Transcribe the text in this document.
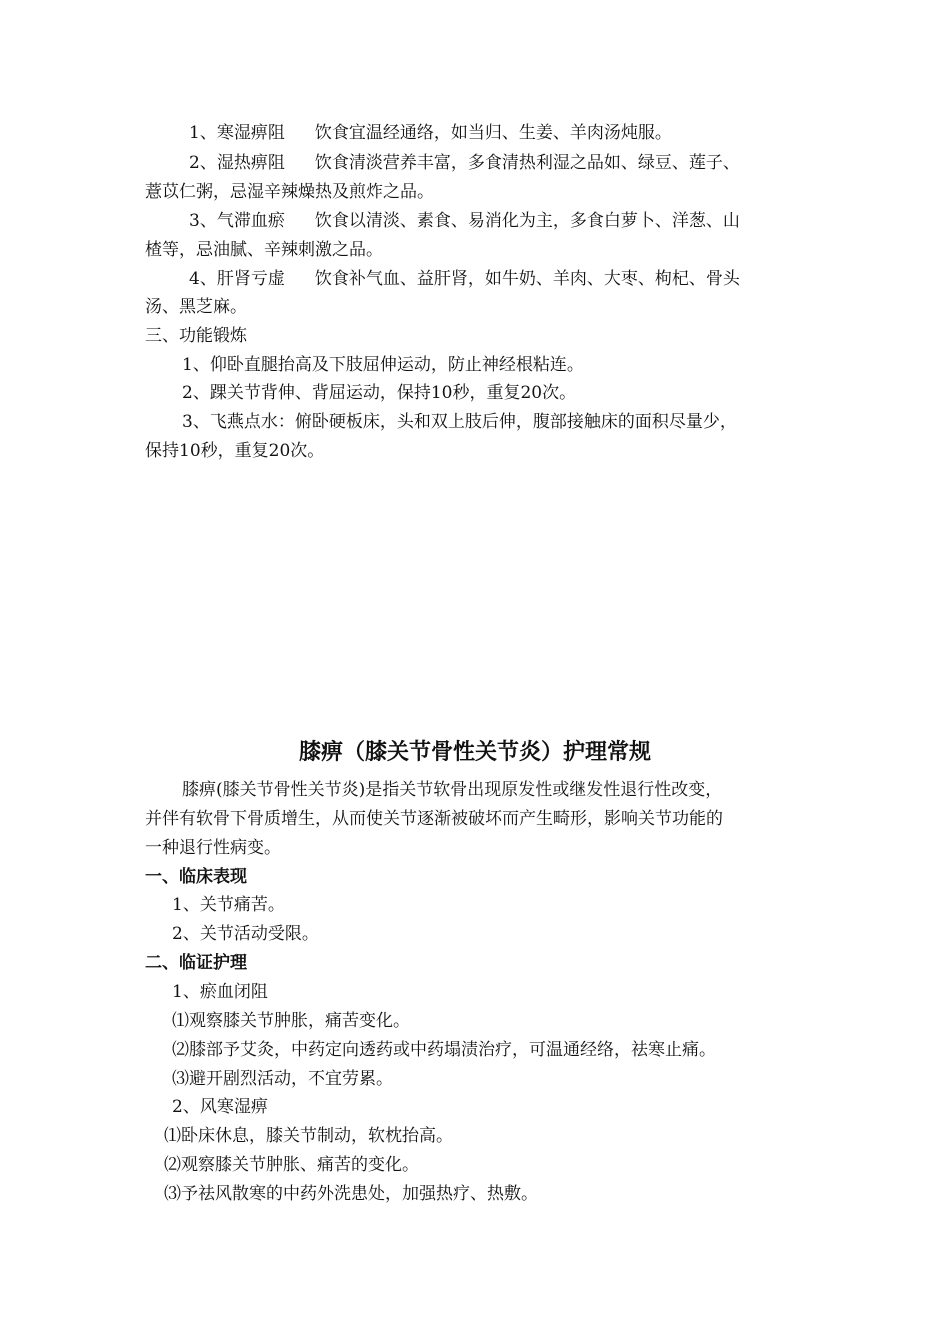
1、寒湿痹阻 饮食宜温经通络，如当归、生姜、羊肉汤炖服。
2、湿热痹阻 饮食清淡营养丰富，多食清热利湿之品如、绿豆、莲子、
薏苡仁粥，忌湿辛辣燥热及煎炸之品。
3、气滞血瘀 饮食以清淡、素食、易消化为主，多食白萝卜、洋葱、山
楂等，忌油腻、辛辣刺激之品。
4、肝肾亏虚 饮食补气血、益肝肾，如牛奶、羊肉、大枣、枸杞、骨头
汤、黑芝麻。
三、功能锻炼
1、仰卧直腿抬高及下肢屈伸运动，防止神经根粘连。
2、踝关节背伸、背屈运动，保持10秒，重复20次。
3、飞燕点水：俯卧硬板床，头和双上肢后伸，腹部接触床的面积尽量少，
保持10秒，重复20次。
膝痹（膝关节骨性关节炎）护理常规
膝痹(膝关节骨性关节炎)是指关节软骨出现原发性或继发性退行性改变，
并伴有软骨下骨质增生，从而使关节逐渐被破坏而产生畸形，影响关节功能的
一种退行性病变。
一、临床表现
1、关节痛苦。
2、关节活动受限。
二、临证护理
1、瘀血闭阻
⑴观察膝关节肿胀，痛苦变化。
⑵膝部予艾灸，中药定向透药或中药塌渍治疗，可温通经络，祛寒止痛。
⑶避开剧烈活动，不宜劳累。
2、风寒湿痹
⑴卧床休息，膝关节制动，软枕抬高。
⑵观察膝关节肿胀、痛苦的变化。
⑶予祛风散寒的中药外洗患处，加强热疗、热敷。
